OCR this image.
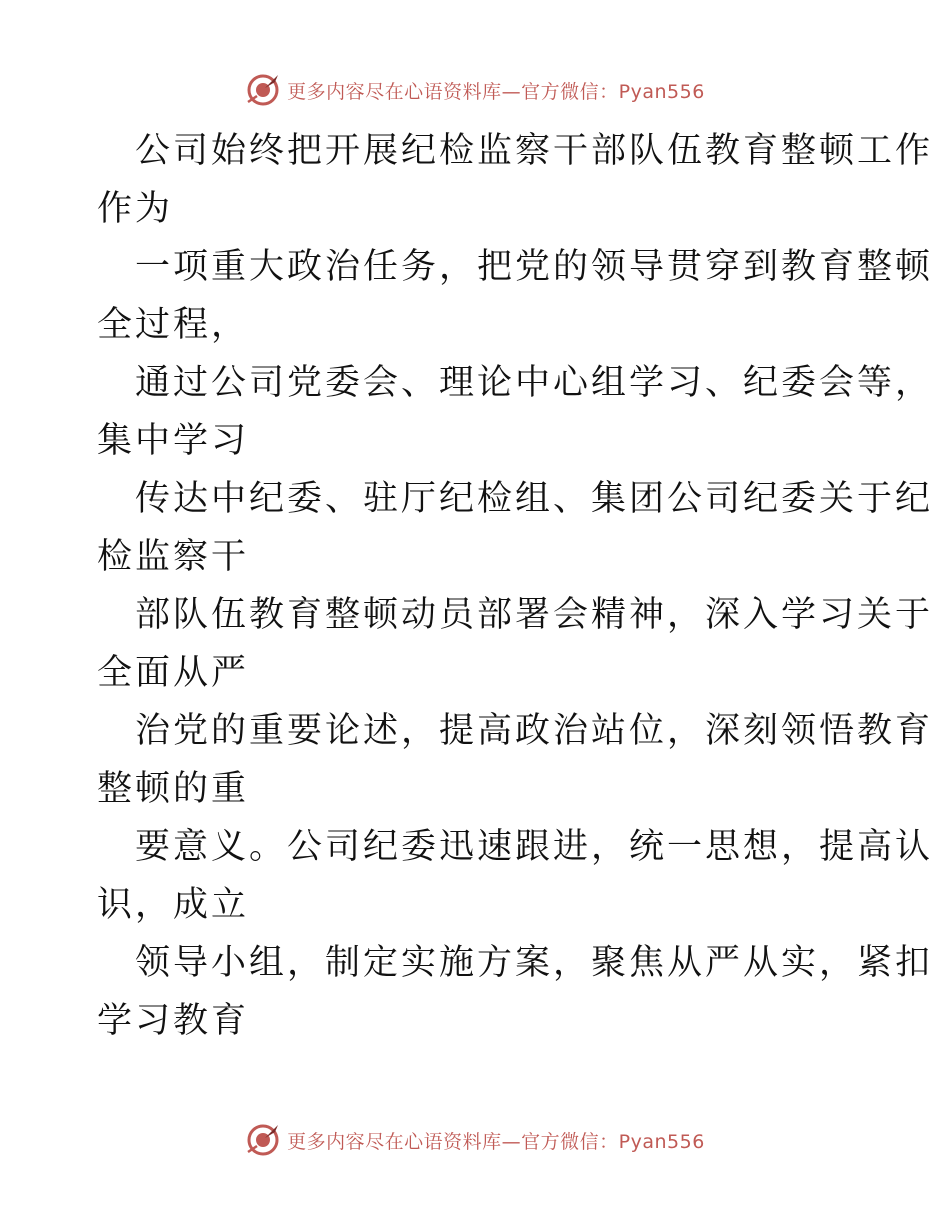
更多内容尽在心语资料库—官方微信：Pyan556
公司始终把开展纪检监察干部队伍教育整顿工作
作为
一项重大政治任务，把党的领导贯穿到教育整顿
全过程，
通过公司党委会、理论中心组学习、纪委会等，
集中学习
传达中纪委、驻厅纪检组、集团公司纪委关于纪
检监察干
部队伍教育整顿动员部署会精神，深入学习关于
全面从严
治党的重要论述，提高政治站位，深刻领悟教育
整顿的重
要意义。公司纪委迅速跟进，统一思想，提高认
识，成立
领导小组，制定实施方案，聚焦从严从实，紧扣
学习教育
更多内容尽在心语资料库—官方微信：Pyan556
